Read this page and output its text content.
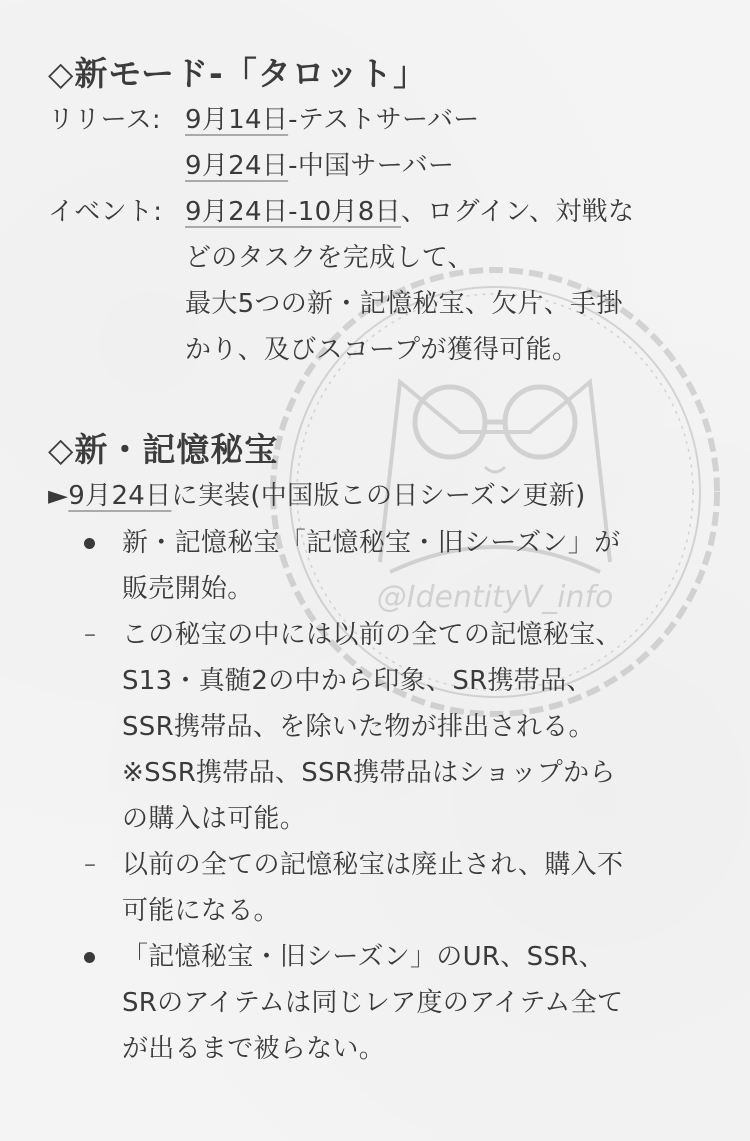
@IdentityV_info
◇新モード-「タロット」
リリース: 9月14日-テストサーバー
9月24日-中国サーバー
イベント: 9月24日-10月8日、ログイン、対戦な
どのタスクを完成して、
最大5つの新・記憶秘宝、欠片、手掛
かり、及びスコープが獲得可能。
◇新・記憶秘宝
►9月24日に実装(中国版この日シーズン更新)
新・記憶秘宝「記憶秘宝・旧シーズン」が
販売開始。
– この秘宝の中には以前の全ての記憶秘宝、
S13・真髄2の中から印象、SR携帯品、
SSR携帯品、を除いた物が排出される。
※SSR携帯品、SSR携帯品はショップから
の購入は可能。
– 以前の全ての記憶秘宝は廃止され、購入不
可能になる。
「記憶秘宝・旧シーズン」のUR、SSR、
SRのアイテムは同じレア度のアイテム全て
が出るまで被らない。
